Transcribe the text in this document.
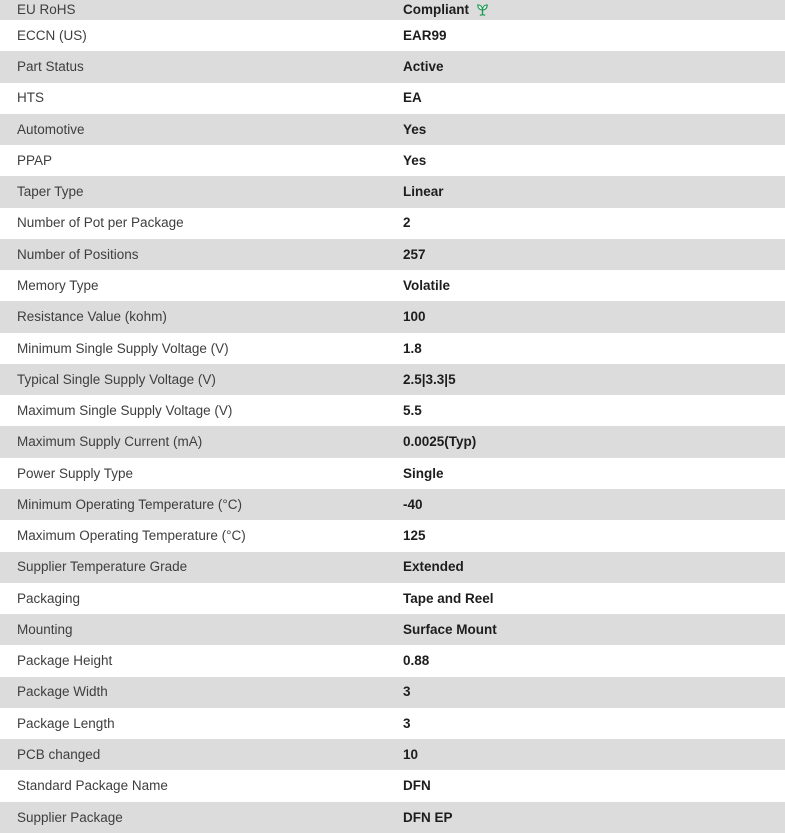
EU RoHS	Compliant
ECCN (US)	EAR99
Part Status	Active
HTS	EA
Automotive	Yes
PPAP	Yes
Taper Type	Linear
Number of Pot per Package	2
Number of Positions	257
Memory Type	Volatile
Resistance Value (kohm)	100
Minimum Single Supply Voltage (V)	1.8
Typical Single Supply Voltage (V)	2.5|3.3|5
Maximum Single Supply Voltage (V)	5.5
Maximum Supply Current (mA)	0.0025(Typ)
Power Supply Type	Single
Minimum Operating Temperature (°C)	-40
Maximum Operating Temperature (°C)	125
Supplier Temperature Grade	Extended
Packaging	Tape and Reel
Mounting	Surface Mount
Package Height	0.88
Package Width	3
Package Length	3
PCB changed	10
Standard Package Name	DFN
Supplier Package	DFN EP
